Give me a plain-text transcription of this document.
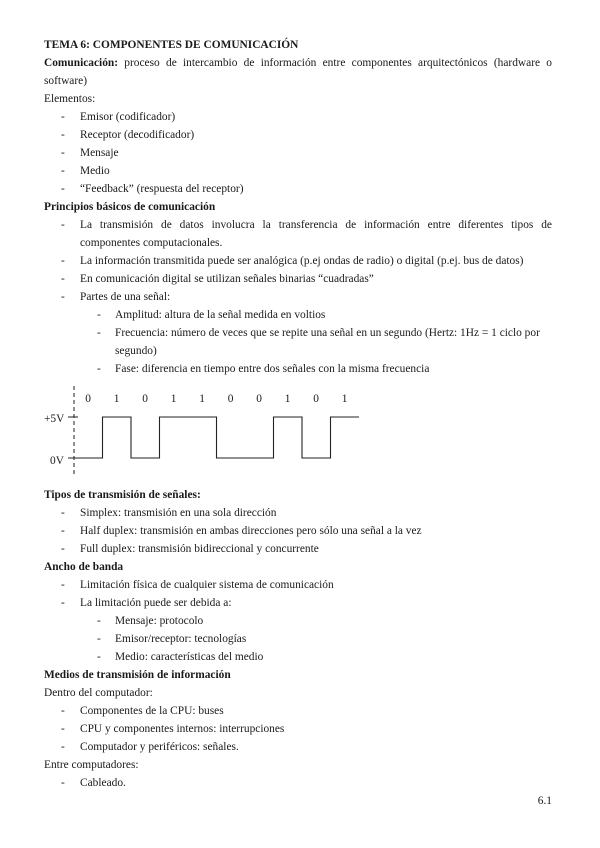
TEMA 6: COMPONENTES DE COMUNICACIÓN

Comunicación: proceso de intercambio de información entre componentes arquitectónicos (hardware o software)

Elementos:

- Emisor (codificador)
- Receptor (decodificador)
- Mensaje
- Medio
- “Feedback” (respuesta del receptor)

Principios básicos de comunicación

- La transmisión de datos involucra la transferencia de información entre diferentes tipos de componentes computacionales.
- La información transmitida puede ser analógica (p.ej ondas de radio) o digital (p.ej. bus de datos)
- En comunicación digital se utilizan señales binarias “cuadradas”
- Partes de una señal:
- Amplitud: altura de la señal medida en voltios
- Frecuencia: número de veces que se repite una señal en un segundo (Hertz: 1Hz = 1 ciclo por segundo)
- Fase: diferencia en tiempo entre dos señales con la misma frecuencia
+5V
0V
0 1 0 1 1 0 0 1 0 1

Tipos de transmisión de señales:

- Simplex: transmisión en una sola dirección
- Half duplex: transmisión en ambas direcciones pero sólo una señal a la vez
- Full duplex: transmisión bidireccional y concurrente

Ancho de banda

- Limitación física de cualquier sistema de comunicación
- La limitación puede ser debida a:
- Mensaje: protocolo
- Emisor/receptor: tecnologías
- Medio: características del medio

Medios de transmisión de información

Dentro del computador:

- Componentes de la CPU: buses
- CPU y componentes internos: interrupciones
- Computador y periféricos: señales.

Entre computadores:

- Cableado.
6.1
